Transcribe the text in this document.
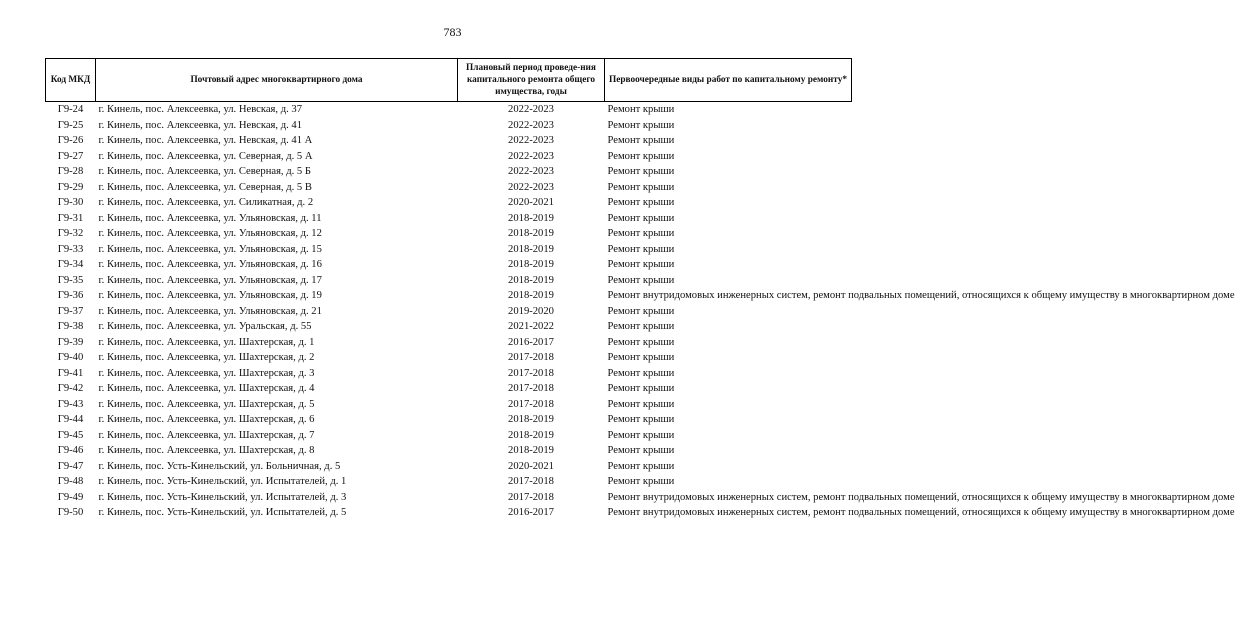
783
Код МКД	Почтовый адрес многоквартирного дома	Плановый период проведе-ния капитального ремонта общего имущества, годы	Первоочередные виды работ по капитальному ремонту*
Г9-24	г. Кинель, пос. Алексеевка, ул. Невская, д. 37	2022-2023	Ремонт крыши
Г9-25	г. Кинель, пос. Алексеевка, ул. Невская, д. 41	2022-2023	Ремонт крыши
Г9-26	г. Кинель, пос. Алексеевка, ул. Невская, д. 41 А	2022-2023	Ремонт крыши
Г9-27	г. Кинель, пос. Алексеевка, ул. Северная, д. 5 А	2022-2023	Ремонт крыши
Г9-28	г. Кинель, пос. Алексеевка, ул. Северная, д. 5 Б	2022-2023	Ремонт крыши
Г9-29	г. Кинель, пос. Алексеевка, ул. Северная, д. 5 В	2022-2023	Ремонт крыши
Г9-30	г. Кинель, пос. Алексеевка, ул. Силикатная, д. 2	2020-2021	Ремонт крыши
Г9-31	г. Кинель, пос. Алексеевка, ул. Ульяновская, д. 11	2018-2019	Ремонт крыши
Г9-32	г. Кинель, пос. Алексеевка, ул. Ульяновская, д. 12	2018-2019	Ремонт крыши
Г9-33	г. Кинель, пос. Алексеевка, ул. Ульяновская, д. 15	2018-2019	Ремонт крыши
Г9-34	г. Кинель, пос. Алексеевка, ул. Ульяновская, д. 16	2018-2019	Ремонт крыши
Г9-35	г. Кинель, пос. Алексеевка, ул. Ульяновская, д. 17	2018-2019	Ремонт крыши
Г9-36	г. Кинель, пос. Алексеевка, ул. Ульяновская, д. 19	2018-2019	Ремонт внутридомовых инженерных систем, ремонт подвальных помещений, относящихся к общему имуществу в многоквартирном доме
Г9-37	г. Кинель, пос. Алексеевка, ул. Ульяновская, д. 21	2019-2020	Ремонт крыши
Г9-38	г. Кинель, пос. Алексеевка, ул. Уральская, д. 55	2021-2022	Ремонт крыши
Г9-39	г. Кинель, пос. Алексеевка, ул. Шахтерская, д. 1	2016-2017	Ремонт крыши
Г9-40	г. Кинель, пос. Алексеевка, ул. Шахтерская, д. 2	2017-2018	Ремонт крыши
Г9-41	г. Кинель, пос. Алексеевка, ул. Шахтерская, д. 3	2017-2018	Ремонт крыши
Г9-42	г. Кинель, пос. Алексеевка, ул. Шахтерская, д. 4	2017-2018	Ремонт крыши
Г9-43	г. Кинель, пос. Алексеевка, ул. Шахтерская, д. 5	2017-2018	Ремонт крыши
Г9-44	г. Кинель, пос. Алексеевка, ул. Шахтерская, д. 6	2018-2019	Ремонт крыши
Г9-45	г. Кинель, пос. Алексеевка, ул. Шахтерская, д. 7	2018-2019	Ремонт крыши
Г9-46	г. Кинель, пос. Алексеевка, ул. Шахтерская, д. 8	2018-2019	Ремонт крыши
Г9-47	г. Кинель, пос. Усть-Кинельский, ул. Больничная, д. 5	2020-2021	Ремонт крыши
Г9-48	г. Кинель, пос. Усть-Кинельский, ул. Испытателей, д. 1	2017-2018	Ремонт крыши
Г9-49	г. Кинель, пос. Усть-Кинельский, ул. Испытателей, д. 3	2017-2018	Ремонт внутридомовых инженерных систем, ремонт подвальных помещений, относящихся к общему имуществу в многоквартирном доме
Г9-50	г. Кинель, пос. Усть-Кинельский, ул. Испытателей, д. 5	2016-2017	Ремонт внутридомовых инженерных систем, ремонт подвальных помещений, относящихся к общему имуществу в многоквартирном доме
